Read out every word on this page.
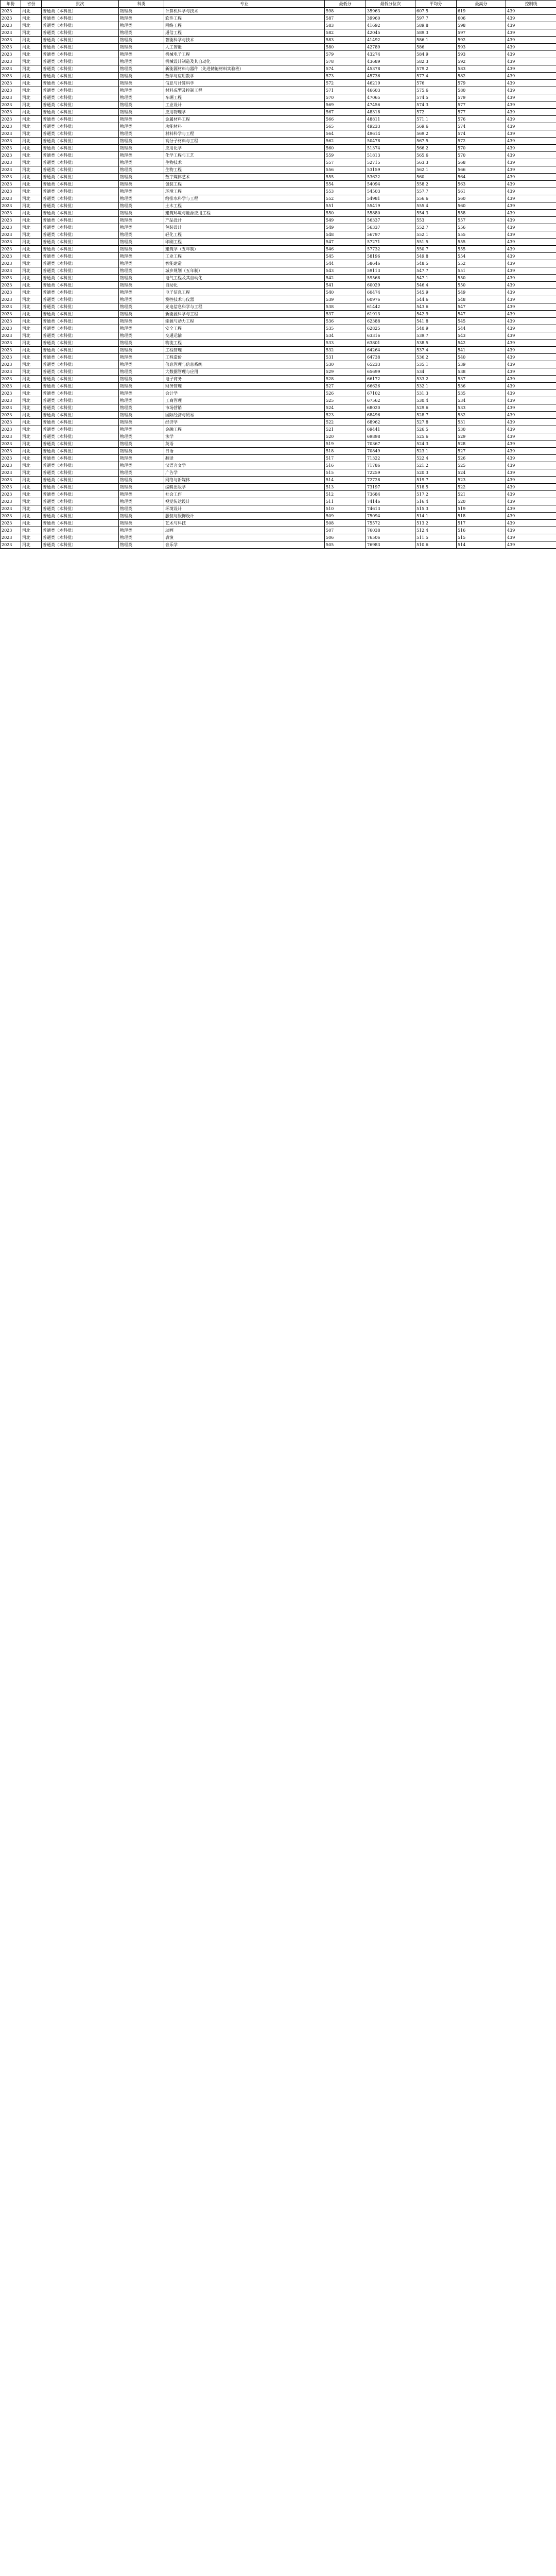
年份	省份	批次	科类	专业	最低分	最低分位次	平均分	最高分	控制线
2023	河北	普通类（本科批）	物理类	计算机科学与技术	598	35963	607.5	619	439
2023	河北	普通类（本科批）	物理类	软件工程	587	39960	597.7	606	439
2023	河北	普通类（本科批）	物理类	网络工程	583	41692	589.8	598	439
2023	河北	普通类（本科批）	物理类	通信工程	582	42045	589.3	597	439
2023	河北	普通类（本科批）	物理类	智能科学与技术	583	41492	586.1	592	439
2023	河北	普通类（本科批）	物理类	人工智能	580	42789	586	593	439
2023	河北	普通类（本科批）	物理类	机械电子工程	579	43274	584.9	593	439
2023	河北	普通类（本科批）	物理类	机械设计制造及其自动化	578	43689	582.3	592	439
2023	河北	普通类（本科批）	物理类	新能源材料与器件（先进储能材料实验班）	574	45378	579.2	583	439
2023	河北	普通类（本科批）	物理类	数学与应用数学	573	45736	577.4	582	439
2023	河北	普通类（本科批）	物理类	信息与计算科学	572	46219	576	579	439
2023	河北	普通类（本科批）	物理类	材料成型及控制工程	571	46603	575.6	580	439
2023	河北	普通类（本科批）	物理类	车辆工程	570	47065	574.5	579	439
2023	河北	普通类（本科批）	物理类	工业设计	569	47456	574.3	577	439
2023	河北	普通类（本科批）	物理类	应用物理学	567	48318	572	577	439
2023	河北	普通类（本科批）	物理类	金属材料工程	566	48811	571.1	576	439
2023	河北	普通类（本科批）	物理类	功能材料	565	49233	569.6	574	439
2023	河北	普通类（本科批）	物理类	材料科学与工程	564	49614	569.2	574	439
2023	河北	普通类（本科批）	物理类	高分子材料与工程	562	50478	567.5	572	439
2023	河北	普通类（本科批）	物理类	应用化学	560	51374	566.2	570	439
2023	河北	普通类（本科批）	物理类	化学工程与工艺	559	51813	565.6	570	439
2023	河北	普通类（本科批）	物理类	生物技术	557	52715	563.3	568	439
2023	河北	普通类（本科批）	物理类	生物工程	556	53159	562.1	566	439
2023	河北	普通类（本科批）	物理类	数字媒体艺术	555	53622	560	564	439
2023	河北	普通类（本科批）	物理类	包装工程	554	54094	558.2	563	439
2023	河北	普通类（本科批）	物理类	环境工程	553	54503	557.7	561	439
2023	河北	普通类（本科批）	物理类	给排水科学与工程	552	54981	556.6	560	439
2023	河北	普通类（本科批）	物理类	土木工程	551	55419	555.4	560	439
2023	河北	普通类（本科批）	物理类	建筑环境与能源应用工程	550	55880	554.3	558	439
2023	河北	普通类（本科批）	物理类	产品设计	549	56337	553	557	439
2023	河北	普通类（本科批）	物理类	包装设计	549	56337	552.7	556	439
2023	河北	普通类（本科批）	物理类	轻化工程	548	56797	552.1	555	439
2023	河北	普通类（本科批）	物理类	印刷工程	547	57271	551.5	555	439
2023	河北	普通类（本科批）	物理类	建筑学（五年制）	546	57732	550.7	555	439
2023	河北	普通类（本科批）	物理类	工业工程	545	58196	549.8	554	439
2023	河北	普通类（本科批）	物理类	智能建造	544	58646	548.5	552	439
2023	河北	普通类（本科批）	物理类	城乡规划（五年制）	543	59113	547.7	551	439
2023	河北	普通类（本科批）	物理类	电气工程及其自动化	542	59568	547.1	550	439
2023	河北	普通类（本科批）	物理类	自动化	541	60029	546.4	550	439
2023	河北	普通类（本科批）	物理类	电子信息工程	540	60474	545.9	549	439
2023	河北	普通类（本科批）	物理类	测控技术与仪器	539	60976	544.6	548	439
2023	河北	普通类（本科批）	物理类	光电信息科学与工程	538	61442	543.6	547	439
2023	河北	普通类（本科批）	物理类	新能源科学与工程	537	61913	542.9	547	439
2023	河北	普通类（本科批）	物理类	能源与动力工程	536	62388	541.8	545	439
2023	河北	普通类（本科批）	物理类	安全工程	535	62825	540.9	544	439
2023	河北	普通类（本科批）	物理类	交通运输	534	63316	539.7	543	439
2023	河北	普通类（本科批）	物理类	物流工程	533	63801	538.5	542	439
2023	河北	普通类（本科批）	物理类	工程管理	532	64264	537.4	541	439
2023	河北	普通类（本科批）	物理类	工程造价	531	64738	536.2	540	439
2023	河北	普通类（本科批）	物理类	信息管理与信息系统	530	65233	535.1	539	439
2023	河北	普通类（本科批）	物理类	大数据管理与应用	529	65699	534	538	439
2023	河北	普通类（本科批）	物理类	电子商务	528	66172	533.2	537	439
2023	河北	普通类（本科批）	物理类	财务管理	527	66626	532.1	536	439
2023	河北	普通类（本科批）	物理类	会计学	526	67102	531.3	535	439
2023	河北	普通类（本科批）	物理类	工商管理	525	67562	530.4	534	439
2023	河北	普通类（本科批）	物理类	市场营销	524	68020	529.6	533	439
2023	河北	普通类（本科批）	物理类	国际经济与贸易	523	68496	528.7	532	439
2023	河北	普通类（本科批）	物理类	经济学	522	68962	527.8	531	439
2023	河北	普通类（本科批）	物理类	金融工程	521	69441	526.5	530	439
2023	河北	普通类（本科批）	物理类	法学	520	69898	525.6	529	439
2023	河北	普通类（本科批）	物理类	英语	519	70367	524.3	528	439
2023	河北	普通类（本科批）	物理类	日语	518	70849	523.1	527	439
2023	河北	普通类（本科批）	物理类	翻译	517	71322	522.4	526	439
2023	河北	普通类（本科批）	物理类	汉语言文学	516	71786	521.2	525	439
2023	河北	普通类（本科批）	物理类	广告学	515	72259	520.3	524	439
2023	河北	普通类（本科批）	物理类	网络与新媒体	514	72728	519.7	523	439
2023	河北	普通类（本科批）	物理类	编辑出版学	513	73197	518.5	522	439
2023	河北	普通类（本科批）	物理类	社会工作	512	73684	517.2	521	439
2023	河北	普通类（本科批）	物理类	视觉传达设计	511	74146	516.4	520	439
2023	河北	普通类（本科批）	物理类	环境设计	510	74613	515.3	519	439
2023	河北	普通类（本科批）	物理类	服装与服饰设计	509	75094	514.1	518	439
2023	河北	普通类（本科批）	物理类	艺术与科技	508	75572	513.2	517	439
2023	河北	普通类（本科批）	物理类	动画	507	76038	512.4	516	439
2023	河北	普通类（本科批）	物理类	表演	506	76506	511.5	515	439
2023	河北	普通类（本科批）	物理类	音乐学	505	76983	510.6	514	439
